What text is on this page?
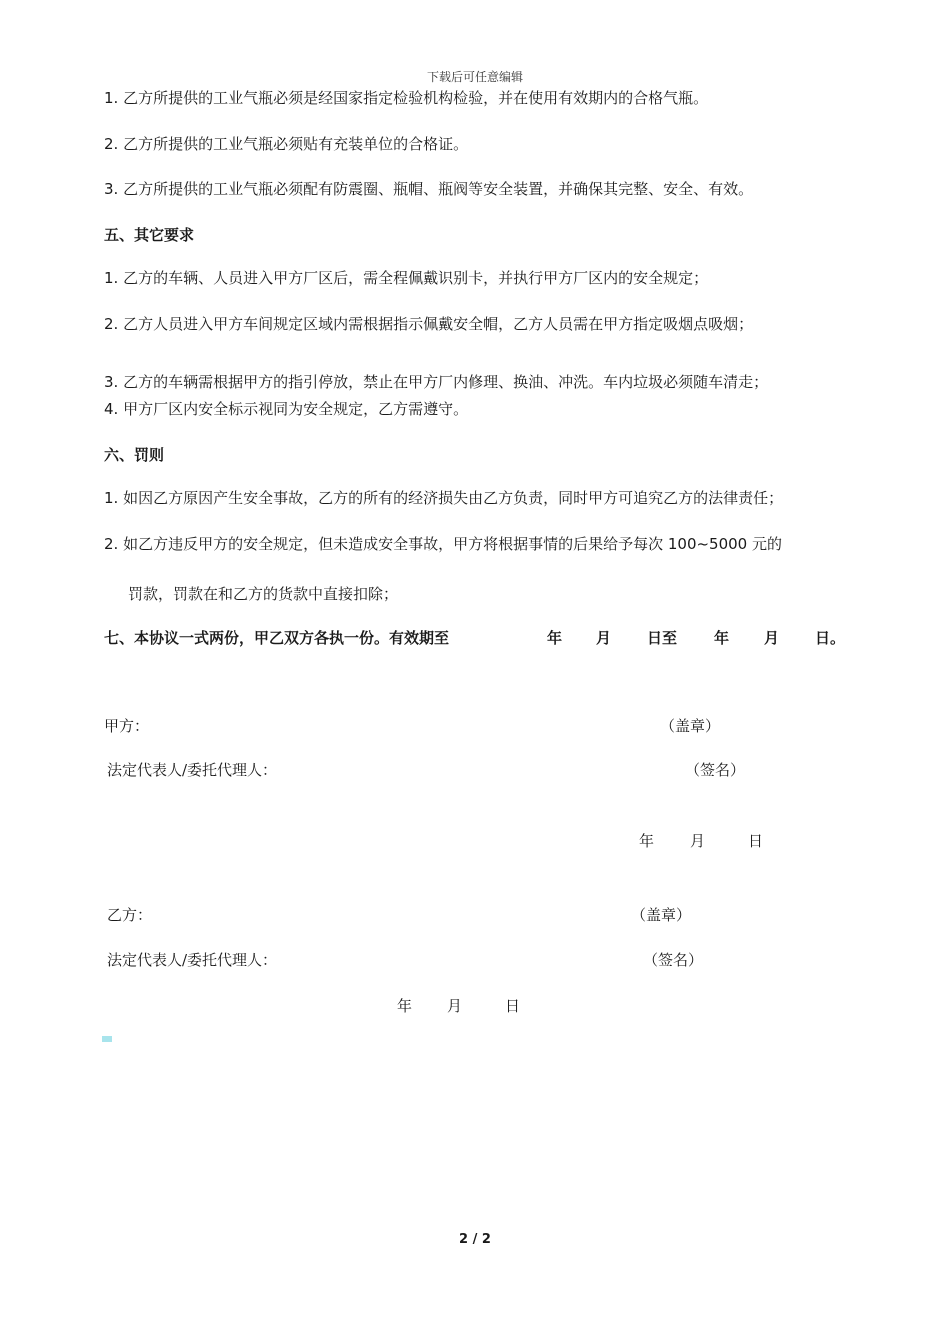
下载后可任意编辑
1. 乙方所提供的工业气瓶必须是经国家指定检验机构检验，并在使用有效期内的合格气瓶。
2. 乙方所提供的工业气瓶必须贴有充装单位的合格证。
3. 乙方所提供的工业气瓶必须配有防震圈、瓶帽、瓶阀等安全装置，并确保其完整、安全、有效。
五、其它要求
1. 乙方的车辆、人员进入甲方厂区后，需全程佩戴识别卡，并执行甲方厂区内的安全规定；
2. 乙方人员进入甲方车间规定区域内需根据指示佩戴安全帽，乙方人员需在甲方指定吸烟点吸烟；
3. 乙方的车辆需根据甲方的指引停放，禁止在甲方厂内修理、换油、冲洗。车内垃圾必须随车清走；
4. 甲方厂区内安全标示视同为安全规定，乙方需遵守。
六、罚则
1. 如因乙方原因产生安全事故，乙方的所有的经济损失由乙方负责，同时甲方可追究乙方的法律责任；
2. 如乙方违反甲方的安全规定，但未造成安全事故，甲方将根据事情的后果给予每次 100~5000 元的
罚款，罚款在和乙方的货款中直接扣除；
七、本协议一式两份，甲乙双方各执一份。有效期至	年 月 日至 年 月 日。
甲方：	（盖章）
法定代表人/委托代理人：	（签名）
年 月	日
乙方：	（盖章）
法定代表人/委托代理人：	（签名）
年 月	日
2 / 2
